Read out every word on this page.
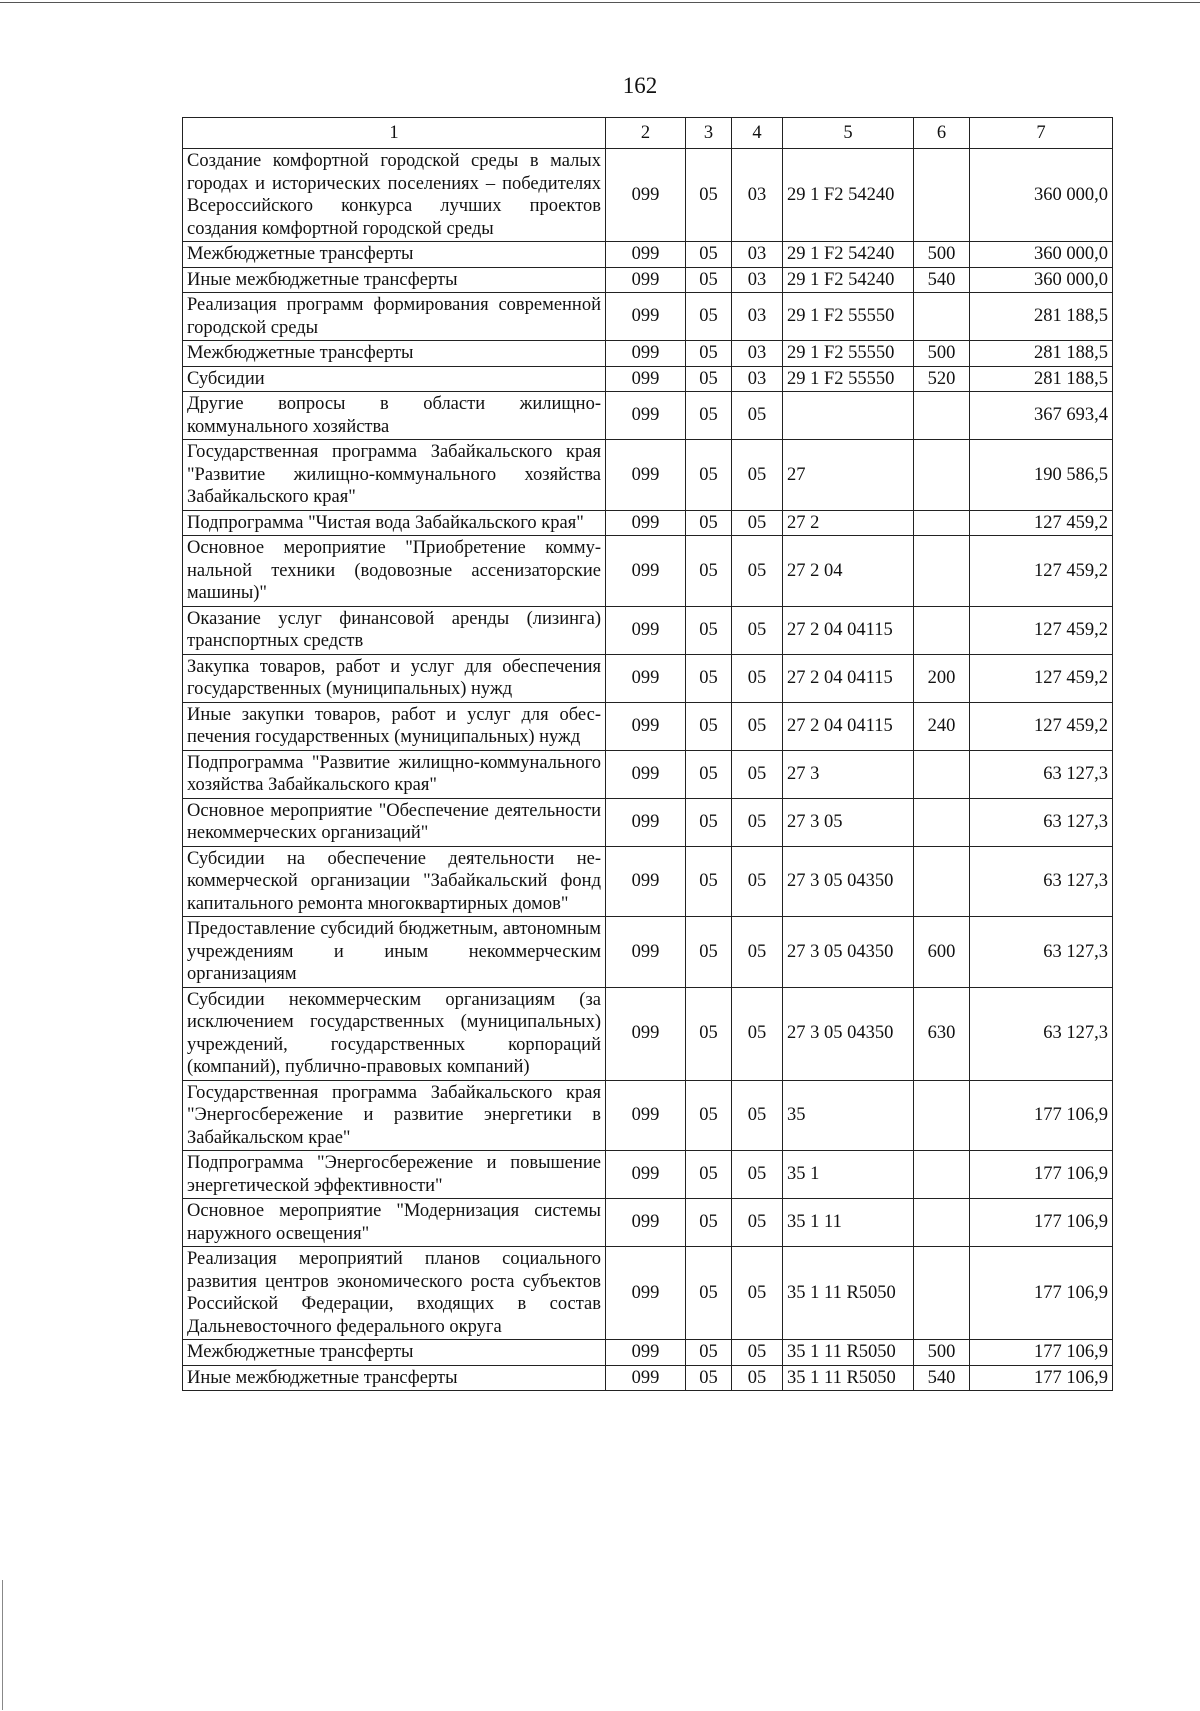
162
1	2	3	4	5	6	7
Создание комфортной городской среды в малых городах и исторических поселениях – победителях Всероссийского конкурса лучших проектов создания комфортной городской среды	099	05	03	29 1 F2 54240		360 000,0
Межбюджетные трансферты	099	05	03	29 1 F2 54240	500	360 000,0
Иные межбюджетные трансферты	099	05	03	29 1 F2 54240	540	360 000,0
Реализация программ формирования современной городской среды	099	05	03	29 1 F2 55550		281 188,5
Межбюджетные трансферты	099	05	03	29 1 F2 55550	500	281 188,5
Субсидии	099	05	03	29 1 F2 55550	520	281 188,5
Другие вопросы в области жилищно-коммунального хозяйства	099	05	05			367 693,4
Государственная программа Забайкальского края "Развитие жилищно-коммунального хозяйства Забайкальского края"	099	05	05	27		190 586,5
Подпрограмма "Чистая вода Забайкальского края"	099	05	05	27 2		127 459,2
Основное мероприятие "Приобретение коммунальной техники (водовозные ассенизаторские машины)"	099	05	05	27 2 04		127 459,2
Оказание услуг финансовой аренды (лизинга) транспортных средств	099	05	05	27 2 04 04115		127 459,2
Закупка товаров, работ и услуг для обеспечения государственных (муниципальных) нужд	099	05	05	27 2 04 04115	200	127 459,2
Иные закупки товаров, работ и услуг для обеспечения государственных (муниципальных) нужд	099	05	05	27 2 04 04115	240	127 459,2
Подпрограмма "Развитие жилищно-коммунального хозяйства Забайкальского края"	099	05	05	27 3		63 127,3
Основное мероприятие "Обеспечение деятельности некоммерческих организаций"	099	05	05	27 3 05		63 127,3
Субсидии на обеспечение деятельности некоммерческой организации "Забайкальский фонд капитального ремонта многоквартирных домов"	099	05	05	27 3 05 04350		63 127,3
Предоставление субсидий бюджетным, автономным учреждениям и иным некоммерческим организациям	099	05	05	27 3 05 04350	600	63 127,3
Субсидии некоммерческим организациям (за исключением государственных (муниципальных) учреждений, государственных корпораций (компаний), публично-правовых компаний)	099	05	05	27 3 05 04350	630	63 127,3
Государственная программа Забайкальского края "Энергосбережение и развитие энергетики в Забайкальском крае"	099	05	05	35		177 106,9
Подпрограмма "Энергосбережение и повышение энергетической эффективности"	099	05	05	35 1		177 106,9
Основное мероприятие "Модернизация системы наружного освещения"	099	05	05	35 1 11		177 106,9
Реализация мероприятий планов социального развития центров экономического роста субъектов Российской Федерации, входящих в состав Дальневосточного федерального округа	099	05	05	35 1 11 R5050		177 106,9
Межбюджетные трансферты	099	05	05	35 1 11 R5050	500	177 106,9
Иные межбюджетные трансферты	099	05	05	35 1 11 R5050	540	177 106,9
